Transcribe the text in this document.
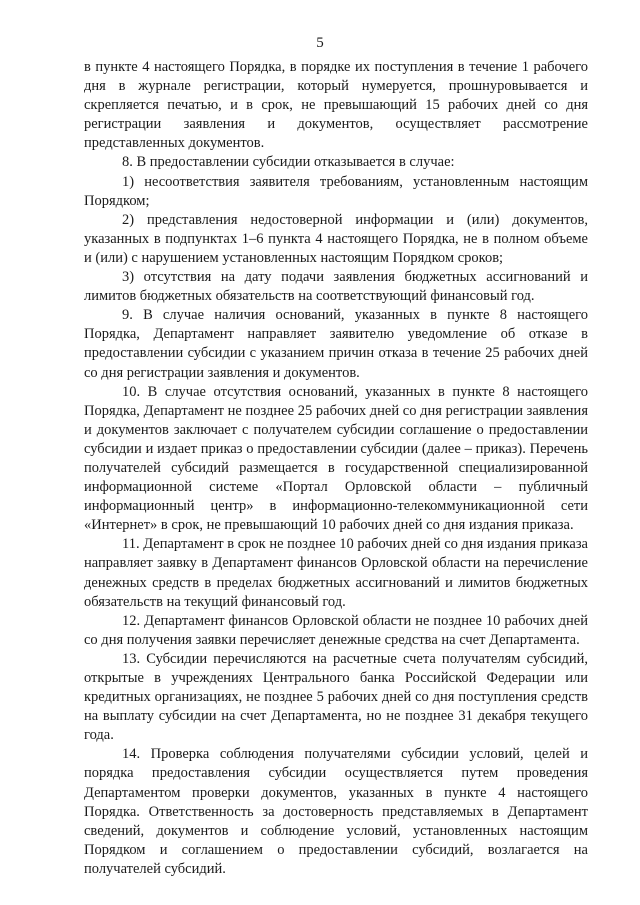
5

в пункте 4 настоящего Порядка, в порядке их поступления в течение 1 рабочего дня в журнале регистрации, который нумеруется, прошнуровывается и скрепляется печатью, и в срок, не превышающий 15 рабочих дней со дня регистрации заявления и документов, осуществляет рассмотрение представленных документов.

8. В предоставлении субсидии отказывается в случае:

1) несоответствия заявителя требованиям, установленным настоящим Порядком;

2) представления недостоверной информации и (или) документов, указанных в подпунктах 1–6 пункта 4 настоящего Порядка, не в полном объеме и (или) с нарушением установленных настоящим Порядком сроков;

3) отсутствия на дату подачи заявления бюджетных ассигнований и лимитов бюджетных обязательств на соответствующий финансовый год.

9. В случае наличия оснований, указанных в пункте 8 настоящего Порядка, Департамент направляет заявителю уведомление об отказе в предоставлении субсидии с указанием причин отказа в течение 25 рабочих дней со дня регистрации заявления и документов.

10. В случае отсутствия оснований, указанных в пункте 8 настоящего Порядка, Департамент не позднее 25 рабочих дней со дня регистрации заявления и документов заключает с получателем субсидии соглашение о предоставлении субсидии и издает приказ о предоставлении субсидии (далее – приказ). Перечень получателей субсидий размещается в государственной специализированной информационной системе «Портал Орловской области – публичный информационный центр» в информационно-телекоммуникационной сети «Интернет» в срок, не превышающий 10 рабочих дней со дня издания приказа.

11. Департамент в срок не позднее 10 рабочих дней со дня издания приказа направляет заявку в Департамент финансов Орловской области на перечисление денежных средств в пределах бюджетных ассигнований и лимитов бюджетных обязательств на текущий финансовый год.

12. Департамент финансов Орловской области не позднее 10 рабочих дней со дня получения заявки перечисляет денежные средства на счет Департамента.

13. Субсидии перечисляются на расчетные счета получателям субсидий, открытые в учреждениях Центрального банка Российской Федерации или кредитных организациях, не позднее 5 рабочих дней со дня поступления средств на выплату субсидии на счет Департамента, но не позднее 31 декабря текущего года.

14. Проверка соблюдения получателями субсидии условий, целей и порядка предоставления субсидии осуществляется путем проведения Департаментом проверки документов, указанных в пункте 4 настоящего Порядка. Ответственность за достоверность представляемых в Департамент сведений, документов и соблюдение условий, установленных настоящим Порядком и соглашением о предоставлении субсидий, возлагается на получателей субсидий.
